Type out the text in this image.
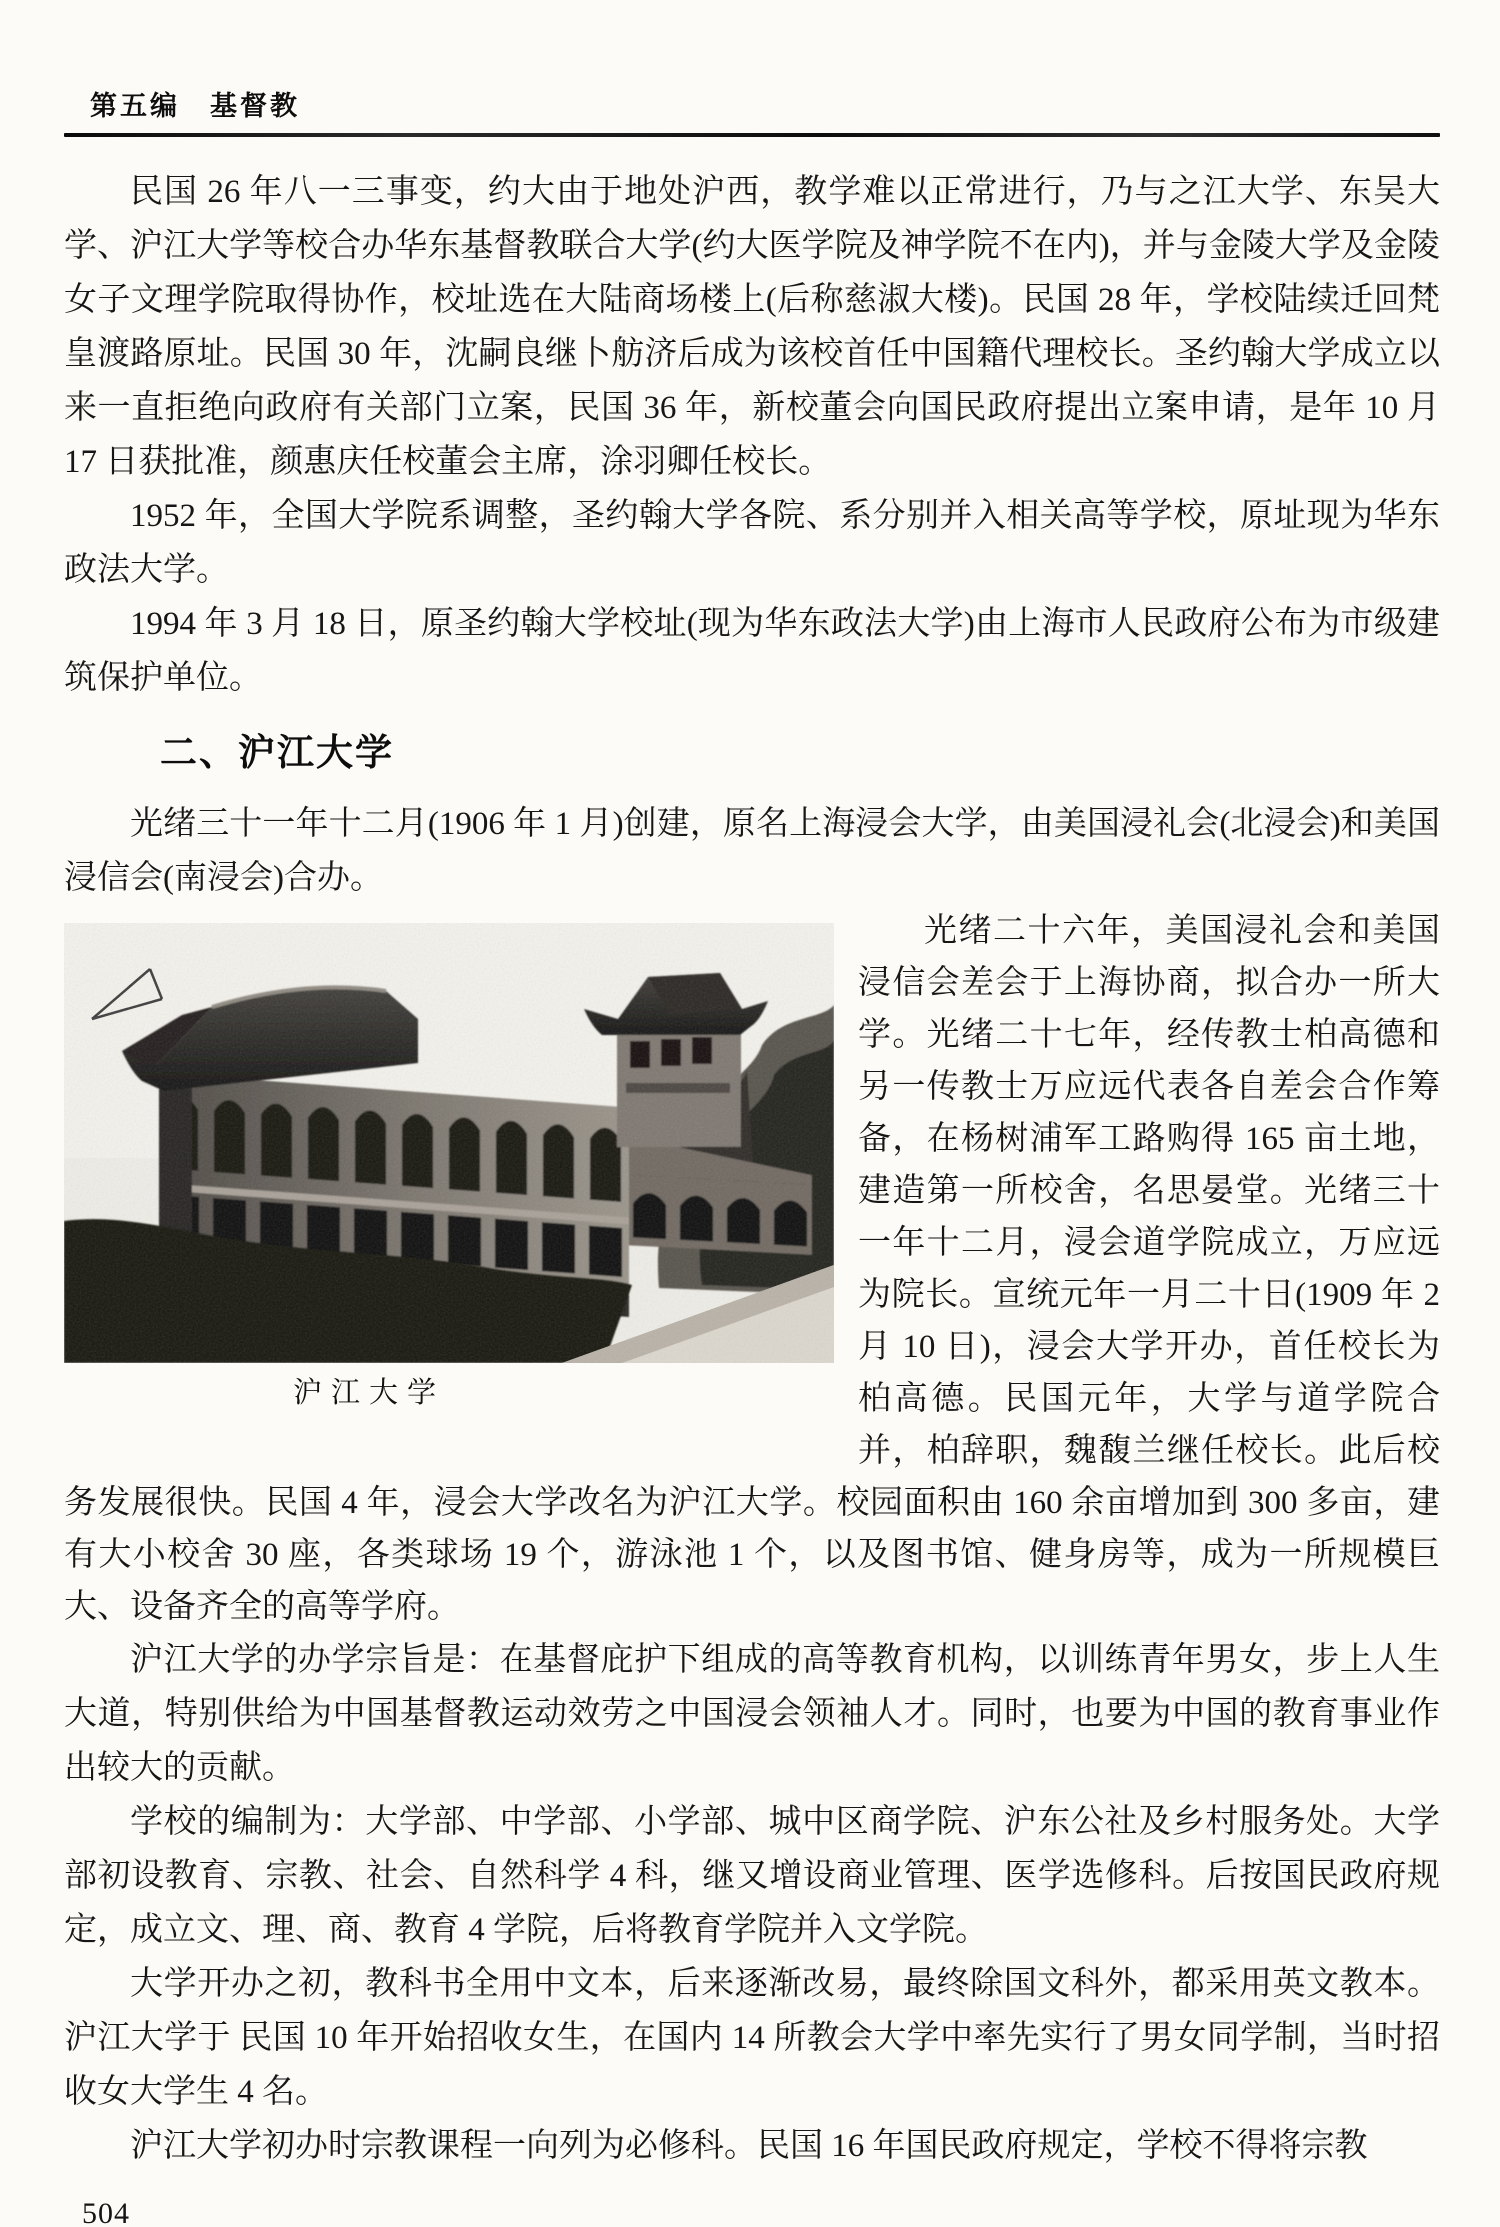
第五编　基督教

民国 26 年八一三事变，约大由于地处沪西，教学难以正常进行，乃与之江大学、东吴大学、沪江大学等校合办华东基督教联合大学(约大医学院及神学院不在内)，并与金陵大学及金陵女子文理学院取得协作，校址选在大陆商场楼上(后称慈淑大楼)。民国 28 年，学校陆续迁回梵皇渡路原址。民国 30 年，沈嗣良继卜舫济后成为该校首任中国籍代理校长。圣约翰大学成立以来一直拒绝向政府有关部门立案，民国 36 年，新校董会向国民政府提出立案申请，是年 10 月 17 日获批准，颜惠庆任校董会主席，涂羽卿任校长。

1952 年，全国大学院系调整，圣约翰大学各院、系分别并入相关高等学校，原址现为华东政法大学。

1994 年 3 月 18 日，原圣约翰大学校址(现为华东政法大学)由上海市人民政府公布为市级建筑保护单位。

二、沪江大学

光绪三十一年十二月(1906 年 1 月)创建，原名上海浸会大学，由美国浸礼会(北浸会)和美国浸信会(南浸会)合办。

沪江大学

光绪二十六年，美国浸礼会和美国浸信会差会于上海协商，拟合办一所大学。光绪二十七年，经传教士柏高德和另一传教士万应远代表各自差会合作筹备，在杨树浦军工路购得 165 亩土地，建造第一所校舍，名思晏堂。光绪三十一年十二月，浸会道学院成立，万应远为院长。宣统元年一月二十日(1909 年 2 月 10 日)，浸会大学开办，首任校长为柏高德。民国元年，大学与道学院合并，柏辞职，魏馥兰继任校长。此后校务发展很快。民国 4 年，浸会大学改名为沪江大学。校园面积由 160 余亩增加到 300 多亩，建有大小校舍 30 座，各类球场 19 个，游泳池 1 个，以及图书馆、健身房等，成为一所规模巨大、设备齐全的高等学府。

沪江大学的办学宗旨是：在基督庇护下组成的高等教育机构，以训练青年男女，步上人生大道，特别供给为中国基督教运动效劳之中国浸会领袖人才。同时，也要为中国的教育事业作出较大的贡献。

学校的编制为：大学部、中学部、小学部、城中区商学院、沪东公社及乡村服务处。大学部初设教育、宗教、社会、自然科学 4 科，继又增设商业管理、医学选修科。后按国民政府规定，成立文、理、商、教育 4 学院，后将教育学院并入文学院。

大学开办之初，教科书全用中文本，后来逐渐改易，最终除国文科外，都采用英文教本。沪江大学于 民国 10 年开始招收女生，在国内 14 所教会大学中率先实行了男女同学制，当时招收女大学生 4 名。

沪江大学初办时宗教课程一向列为必修科。民国 16 年国民政府规定，学校不得将宗教

504
